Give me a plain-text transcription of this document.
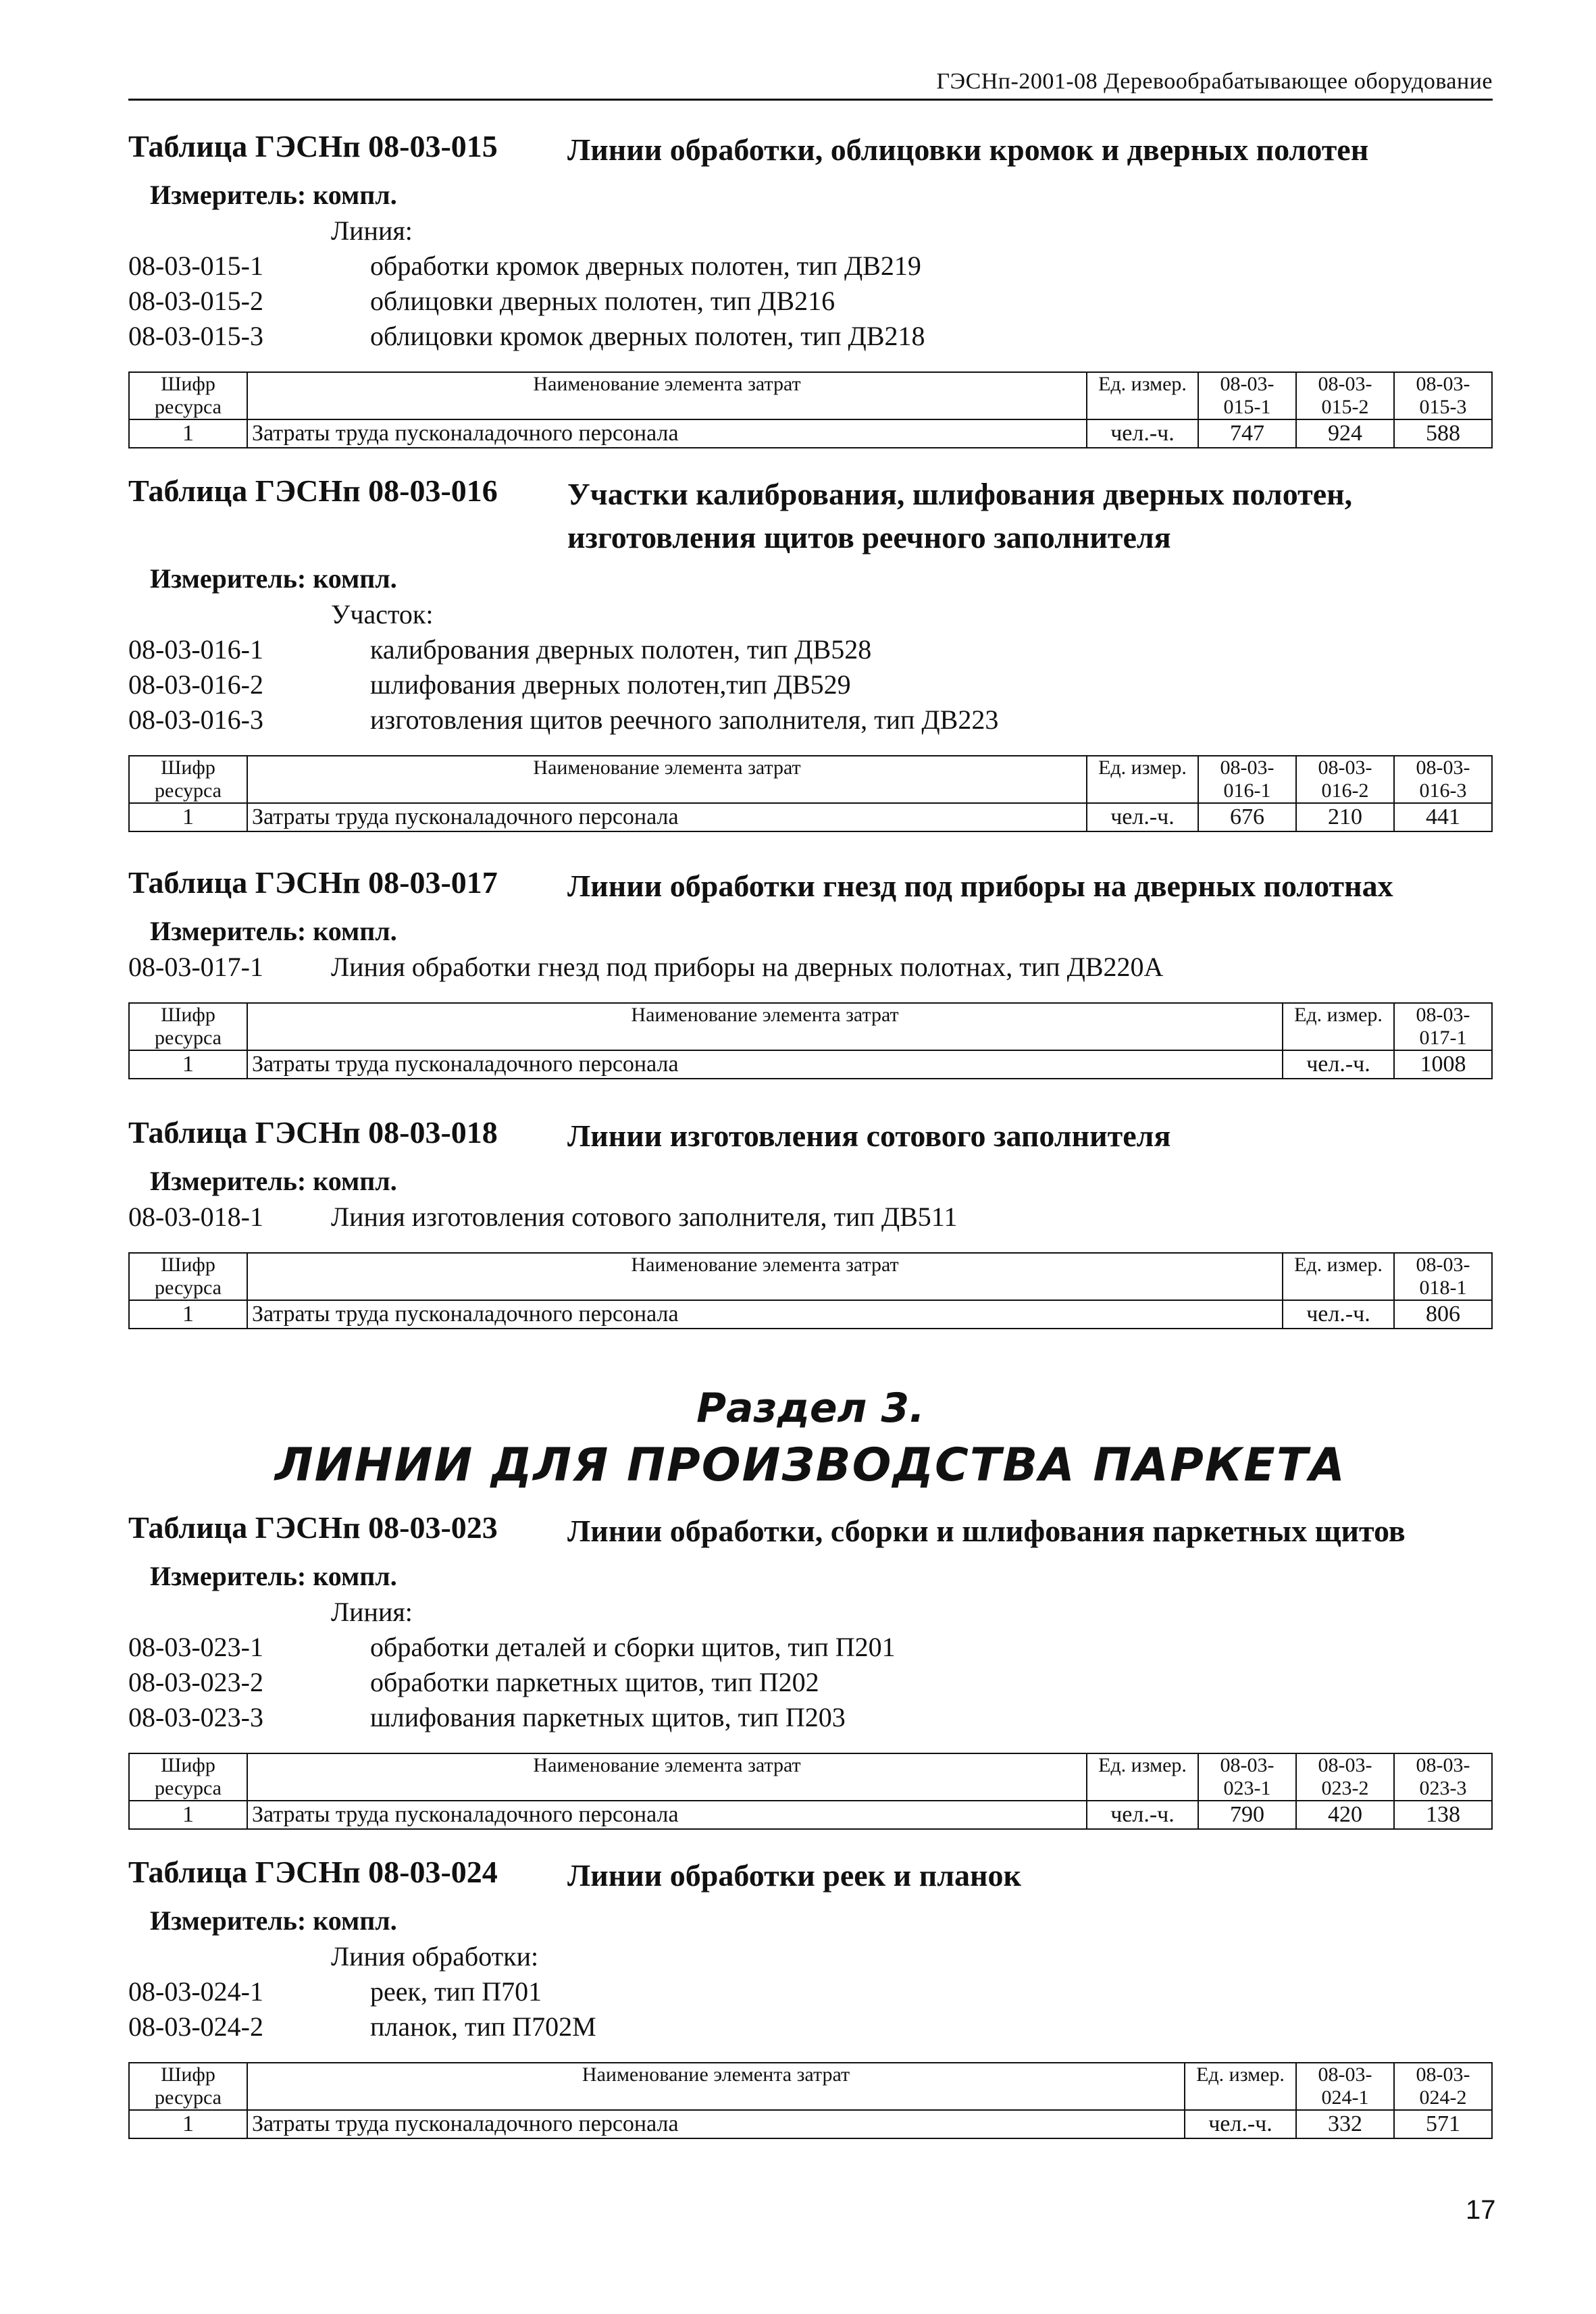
ГЭСНп-2001-08 Деревообрабатывающее оборудование
Таблица ГЭСНп 08-03-015 Линии обработки, облицовки кромок и дверных полотен
Измеритель: компл.
Линия:
08-03-015-1	обработки кромок дверных полотен, тип ДВ219
08-03-015-2	облицовки дверных полотен, тип ДВ216
08-03-015-3	облицовки кромок дверных полотен, тип ДВ218
Шифр ресурса	Наименование элемента затрат	Ед. измер.	08-03-015-1	08-03-015-2	08-03-015-3
1	Затраты труда пусконаладочного персонала	чел.-ч.	747	924	588
Таблица ГЭСНп 08-03-016 Участки калибрования, шлифования дверных полотен, изготовления щитов реечного заполнителя
Измеритель: компл.
Участок:
08-03-016-1	калибрования дверных полотен, тип ДВ528
08-03-016-2	шлифования дверных полотен,тип ДВ529
08-03-016-3	изготовления щитов реечного заполнителя, тип ДВ223
Шифр ресурса	Наименование элемента затрат	Ед. измер.	08-03-016-1	08-03-016-2	08-03-016-3
1	Затраты труда пусконаладочного персонала	чел.-ч.	676	210	441
Таблица ГЭСНп 08-03-017 Линии обработки гнезд под приборы на дверных полотнах
Измеритель: компл.
08-03-017-1	Линия обработки гнезд под приборы на дверных полотнах, тип ДВ220А
Шифр ресурса	Наименование элемента затрат	Ед. измер.	08-03-017-1
1	Затраты труда пусконаладочного персонала	чел.-ч.	1008
Таблица ГЭСНп 08-03-018 Линии изготовления сотового заполнителя
Измеритель: компл.
08-03-018-1	Линия изготовления сотового заполнителя, тип ДВ511
Шифр ресурса	Наименование элемента затрат	Ед. измер.	08-03-018-1
1	Затраты труда пусконаладочного персонала	чел.-ч.	806
Раздел 3.
ЛИНИИ ДЛЯ ПРОИЗВОДСТВА ПАРКЕТА
Таблица ГЭСНп 08-03-023 Линии обработки, сборки и шлифования паркетных щитов
Измеритель: компл.
Линия:
08-03-023-1	обработки деталей и сборки щитов, тип П201
08-03-023-2	обработки паркетных щитов, тип П202
08-03-023-3	шлифования паркетных щитов, тип П203
Шифр ресурса	Наименование элемента затрат	Ед. измер.	08-03-023-1	08-03-023-2	08-03-023-3
1	Затраты труда пусконаладочного персонала	чел.-ч.	790	420	138
Таблица ГЭСНп 08-03-024 Линии обработки реек и планок
Измеритель: компл.
Линия обработки:
08-03-024-1	реек, тип П701
08-03-024-2	планок, тип П702М
Шифр ресурса	Наименование элемента затрат	Ед. измер.	08-03-024-1	08-03-024-2
1	Затраты труда пусконаладочного персонала	чел.-ч.	332	571
17
